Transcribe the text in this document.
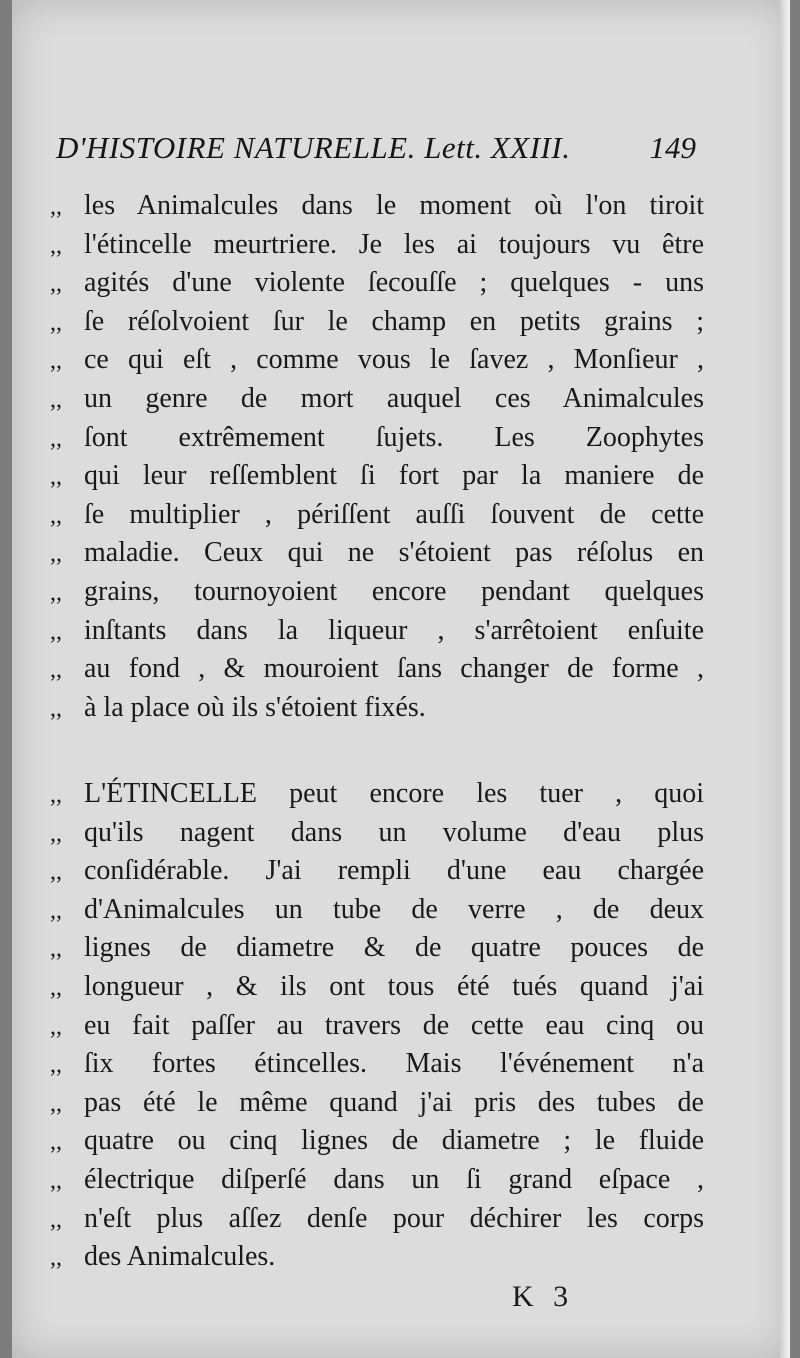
D'HISTOIRE NATURELLE. Lett. XXIII.	149
,, les Animalcules dans le moment où l'on tiroit
,, l'étincelle meurtriere. Je les ai toujours vu être
,, agités d'une violente ſecouſſe ; quelques - uns
,, ſe réſolvoient ſur le champ en petits grains ;
,, ce qui eſt , comme vous le ſavez , Monſieur ,
,, un genre de mort auquel ces Animalcules
,, ſont extrêmement ſujets. Les Zoophytes
,, qui leur reſſemblent ſi fort par la maniere de
,, ſe multiplier , périſſent auſſi ſouvent de cette
,, maladie. Ceux qui ne s'étoient pas réſolus en
,, grains, tournoyoient encore pendant quelques
,, inſtants dans la liqueur , s'arrêtoient enſuite
,, au fond , & mouroient ſans changer de forme ,
,, à la place où ils s'étoient fixés.
,, L'ÉTINCELLE peut encore les tuer , quoi
,, qu'ils nagent dans un volume d'eau plus
,, conſidérable. J'ai rempli d'une eau chargée
,, d'Animalcules un tube de verre , de deux
,, lignes de diametre & de quatre pouces de
,, longueur , & ils ont tous été tués quand j'ai
,, eu fait paſſer au travers de cette eau cinq ou
,, ſix fortes étincelles. Mais l'événement n'a
,, pas été le même quand j'ai pris des tubes de
,, quatre ou cinq lignes de diametre ; le fluide
,, électrique diſperſé dans un ſi grand eſpace ,
,, n'eſt plus aſſez denſe pour déchirer les corps
,, des Animalcules.
K 3
